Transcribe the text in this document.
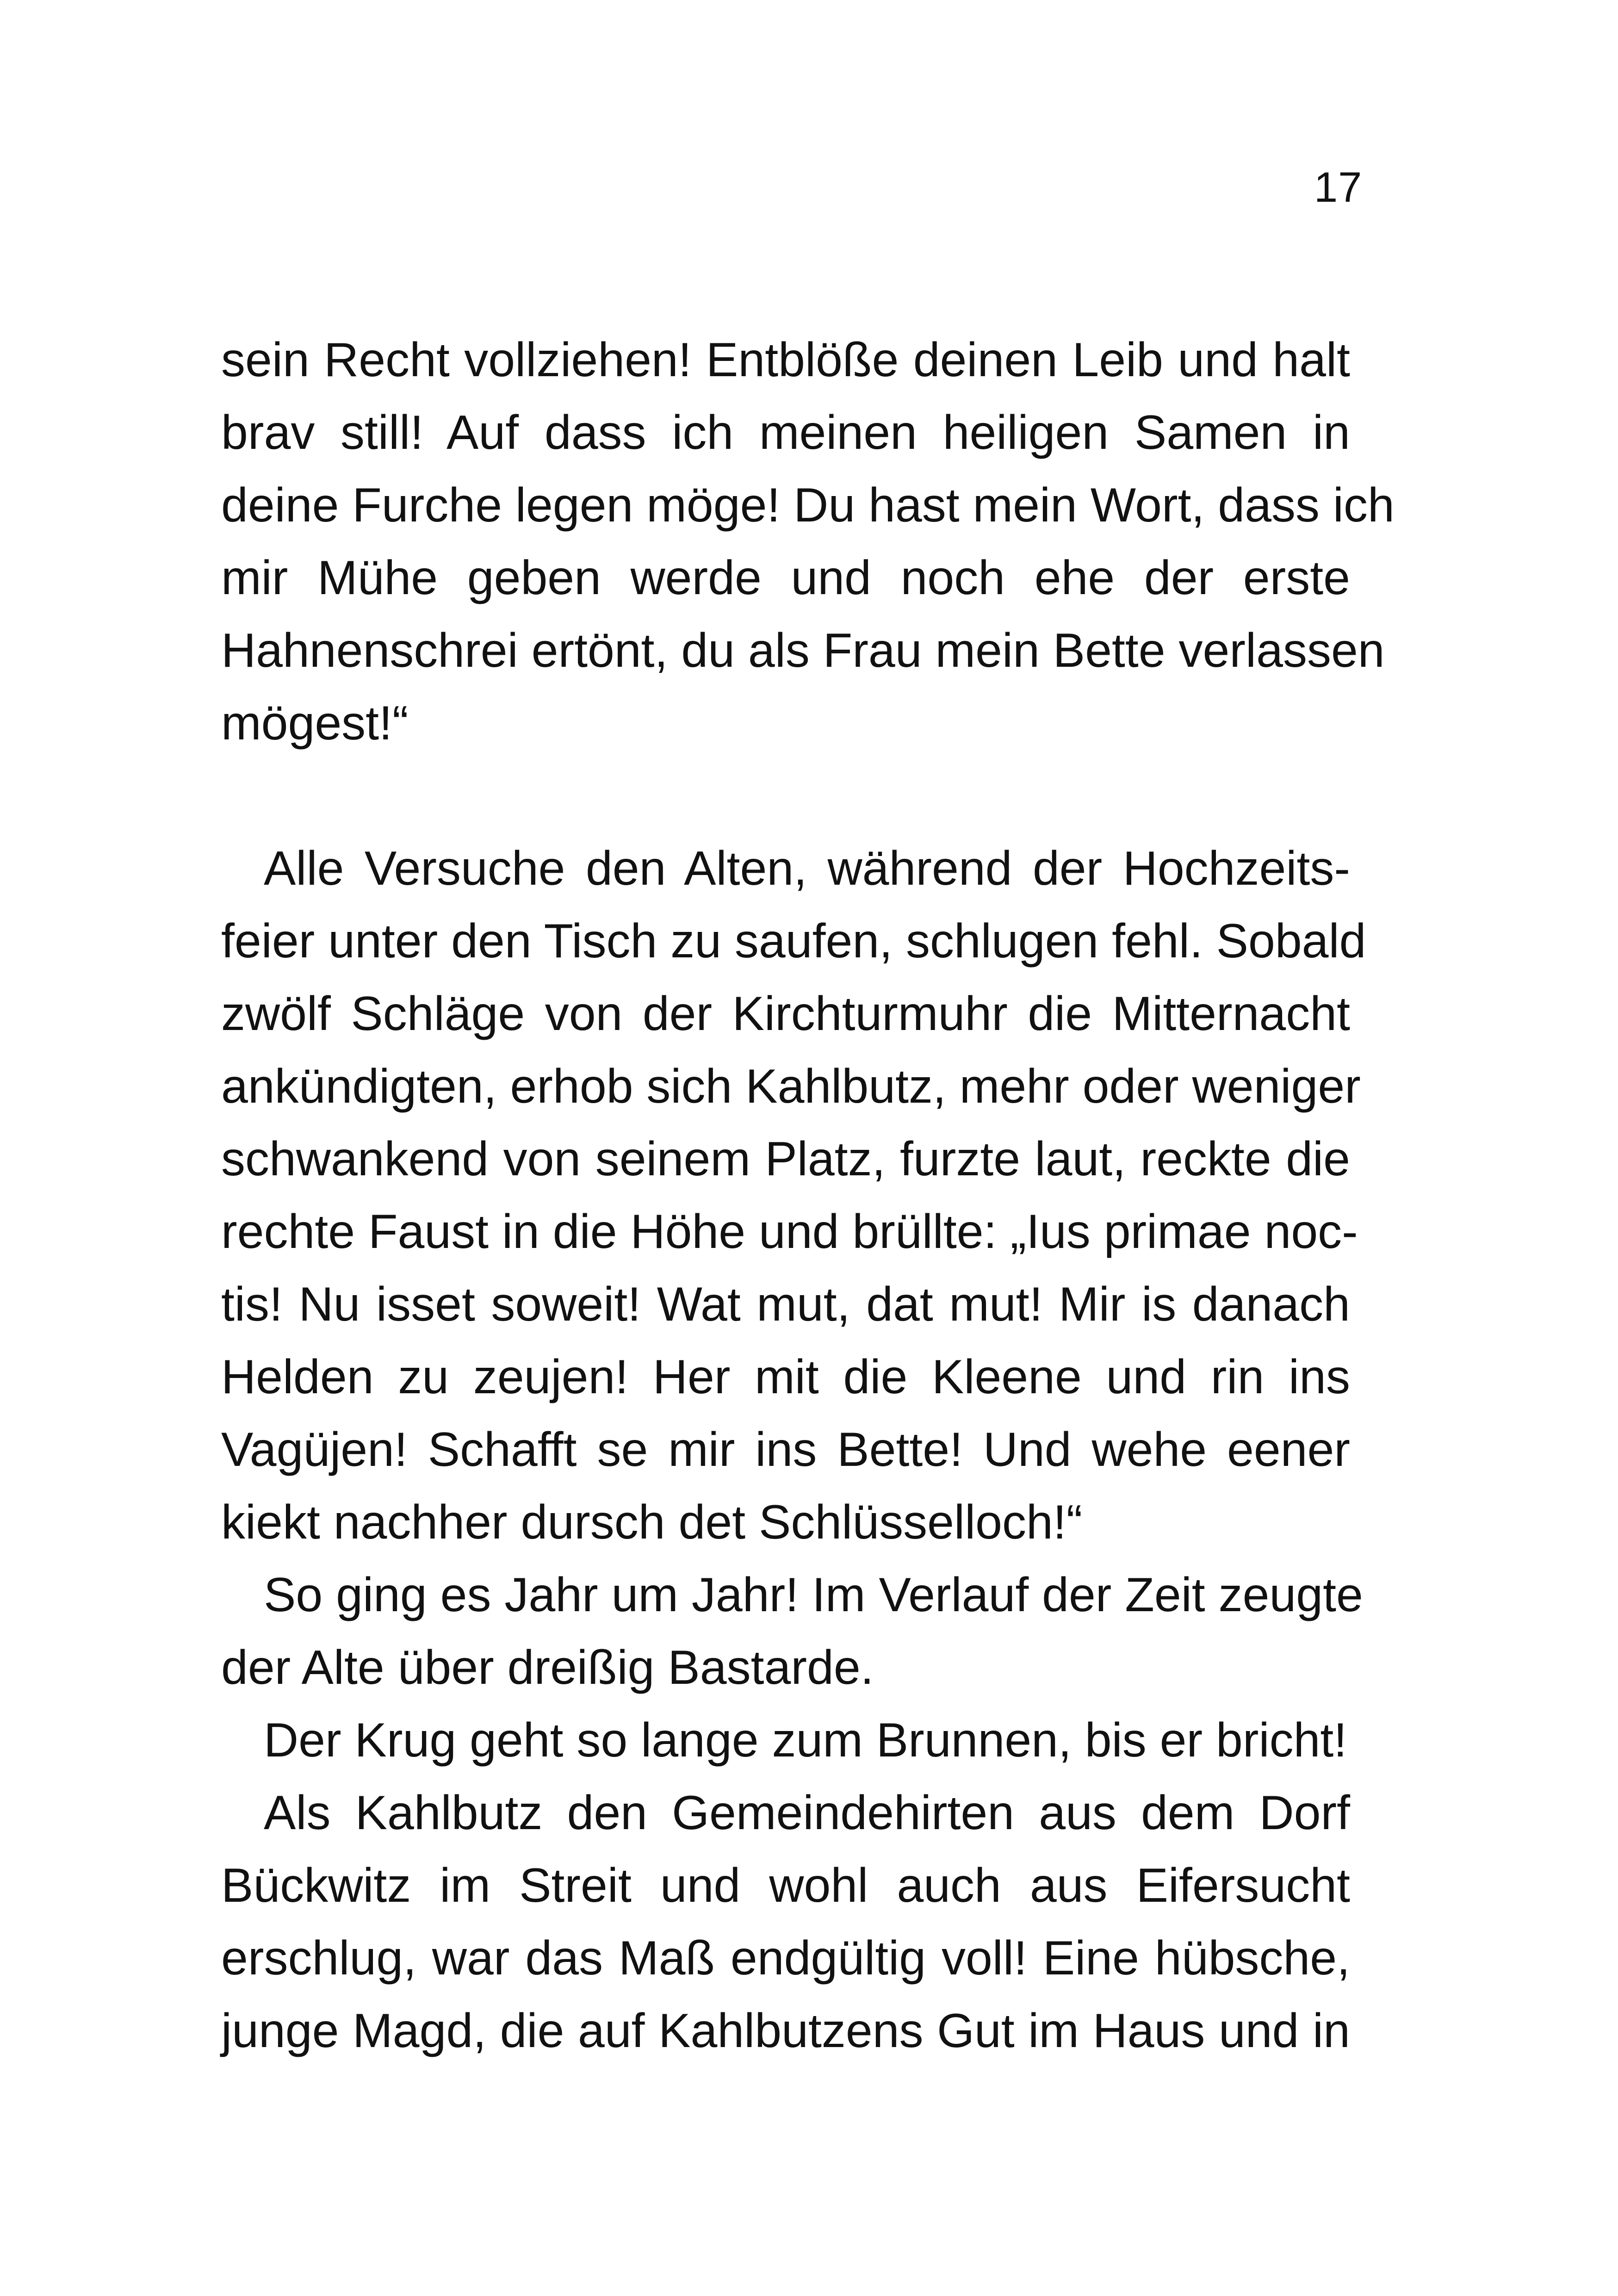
17
sein Recht vollziehen! Entblöße deinen Leib und halt
brav still! Auf dass ich meinen heiligen Samen in
deine Furche legen möge! Du hast mein Wort, dass ich
mir Mühe geben werde und noch ehe der erste
Hahnenschrei ertönt, du als Frau mein Bette verlassen
mögest!“
Alle Versuche den Alten, während der Hochzeits-
feier unter den Tisch zu saufen, schlugen fehl. Sobald
zwölf Schläge von der Kirchturmuhr die Mitternacht
ankündigten, erhob sich Kahlbutz, mehr oder weniger
schwankend von seinem Platz, furzte laut, reckte die
rechte Faust in die Höhe und brüllte: „Ius primae noc-
tis! Nu isset soweit! Wat mut, dat mut! Mir is danach
Helden zu zeujen! Her mit die Kleene und rin ins
Vagüjen! Schafft se mir ins Bette! Und wehe eener
kiekt nachher dursch det Schlüsselloch!“
So ging es Jahr um Jahr! Im Verlauf der Zeit zeugte
der Alte über dreißig Bastarde.
Der Krug geht so lange zum Brunnen, bis er bricht!
Als Kahlbutz den Gemeindehirten aus dem Dorf
Bückwitz im Streit und wohl auch aus Eifersucht
erschlug, war das Maß endgültig voll! Eine hübsche,
junge Magd, die auf Kahlbutzens Gut im Haus und in
